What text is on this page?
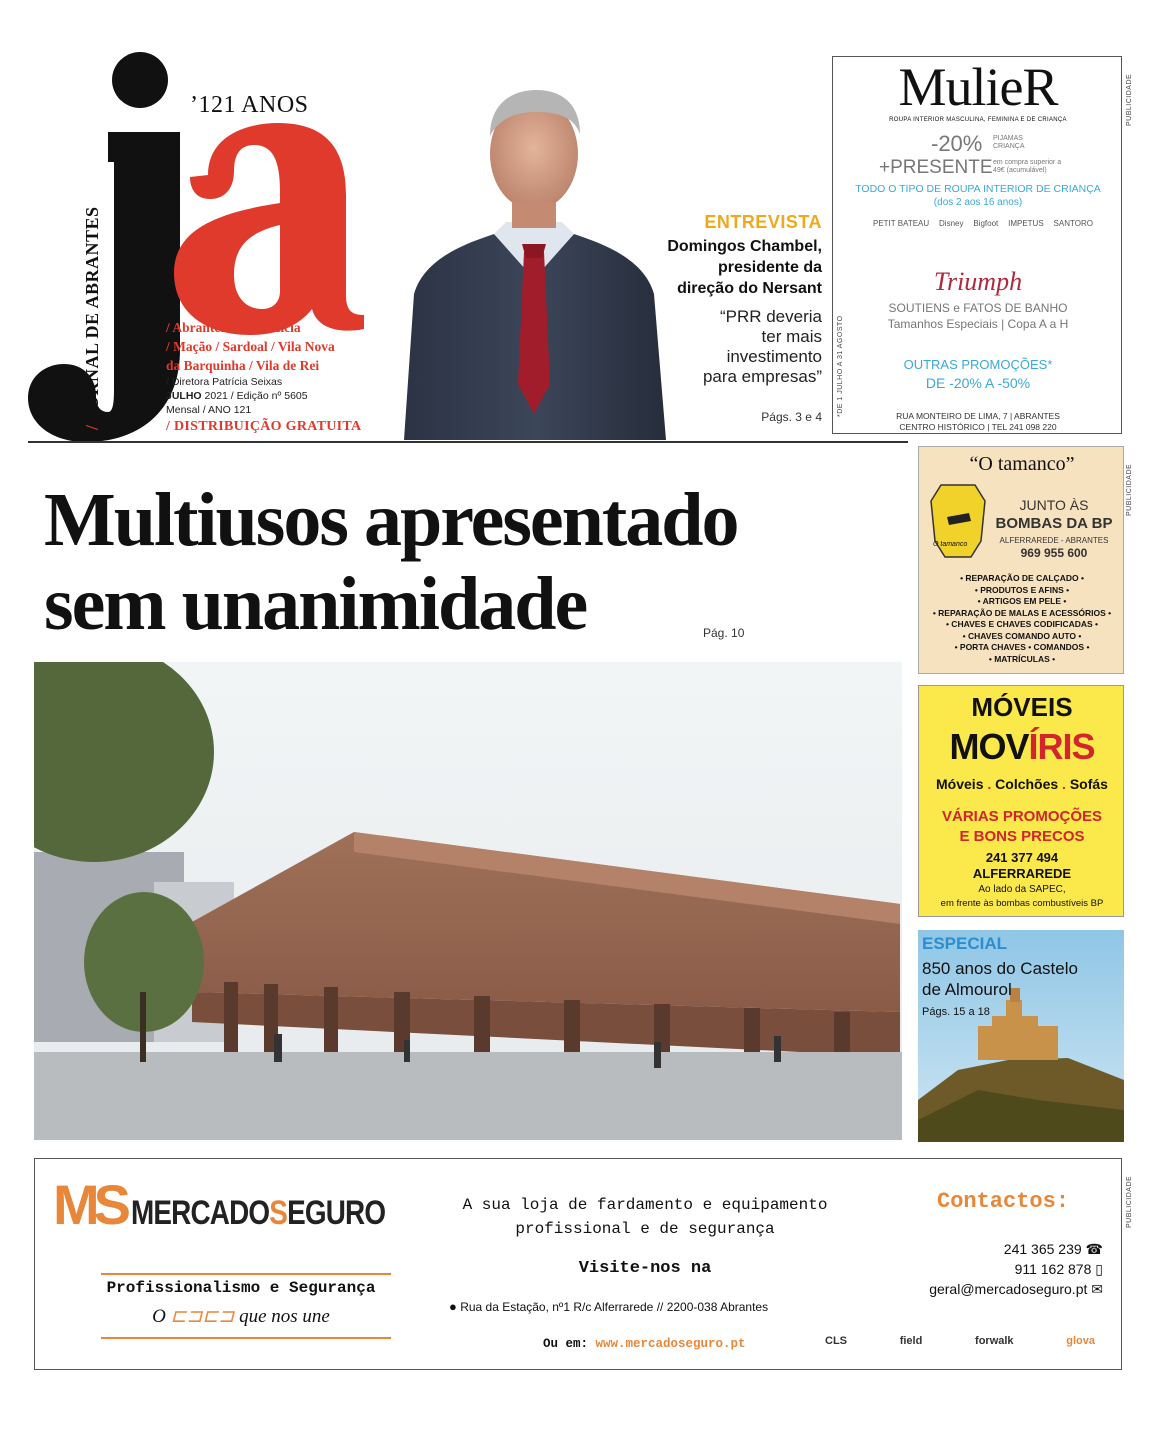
/ JORNAL DE ABRANTES
’121 ANOS
/ Abrantes / Constância
/ Mação / Sardoal / Vila Nova
da Barquinha / Vila de Rei
/ Diretora Patrícia Seixas
JULHO 2021 / Edição nº 5605
Mensal / ANO 121
/ DISTRIBUIÇÃO GRATUITA
ENTREVISTA
Domingos Chambel,
presidente da
direção do Nersant
“PRR deveria
ter mais
investimento
para empresas”
Págs. 3 e 4
MulieR
ROUPA INTERIOR MASCULINA, FEMININA E DE CRIANÇA
-20% PIJAMAS CRIANÇA
+PRESENTE em compra superior a 49€ (acumulável)
TODO O TIPO DE ROUPA INTERIOR DE CRIANÇA
(dos 2 aos 16 anos)
PETIT BATEAU Disney Bigfoot IMPETUS SANTORO
Triumph
SOUTIENS e FATOS DE BANHO
Tamanhos Especiais | Copa A a H
OUTRAS PROMOÇÕES*
DE -20% A -50%
*DE 1 JULHO A 31 AGOSTO	RUA MONTEIRO DE LIMA, 7 | ABRANTES
CENTRO HISTÓRICO | TEL 241 098 220
PUBLICIDADE
Multiusos apresentado
sem unanimidade	Pág. 10
“O tamanco”
O tamanco
JUNTO ÀS
BOMBAS DA BP
ALFERRAREDE - ABRANTES
969 955 600
• REPARAÇÃO DE CALÇADO •
• PRODUTOS E AFINS •
• ARTIGOS EM PELE •
• REPARAÇÃO DE MALAS E ACESSÓRIOS •
• CHAVES E CHAVES CODIFICADAS •
• CHAVES COMANDO AUTO •
• PORTA CHAVES • COMANDOS •
• MATRÍCULAS •
PUBLICIDADE
MÓVEIS
MOVÍRIS
Móveis . Colchões . Sofás
VÁRIAS PROMOÇÕES
E BONS PRECOS
241 377 494
ALFERRAREDE
Ao lado da SAPEC,
em frente às bombas combustíveis BP
ESPECIAL
850 anos do Castelo
de Almourol
Págs. 15 a 18
MS MERCADOSEGURO
Profissionalismo e Segurança
O ⊏⊐⊏⊐ que nos une
A sua loja de fardamento e equipamento
profissional e de segurança
Visite-nos na
● Rua da Estação, nº1 R/c Alferrarede // 2200-038 Abrantes
Ou em: www.mercadoseguro.pt
Contactos:
241 365 239 ☎
911 162 878 ▯
geral@mercadoseguro.pt ✉
CLS	field	forwalk	glova
PUBLICIDADE
